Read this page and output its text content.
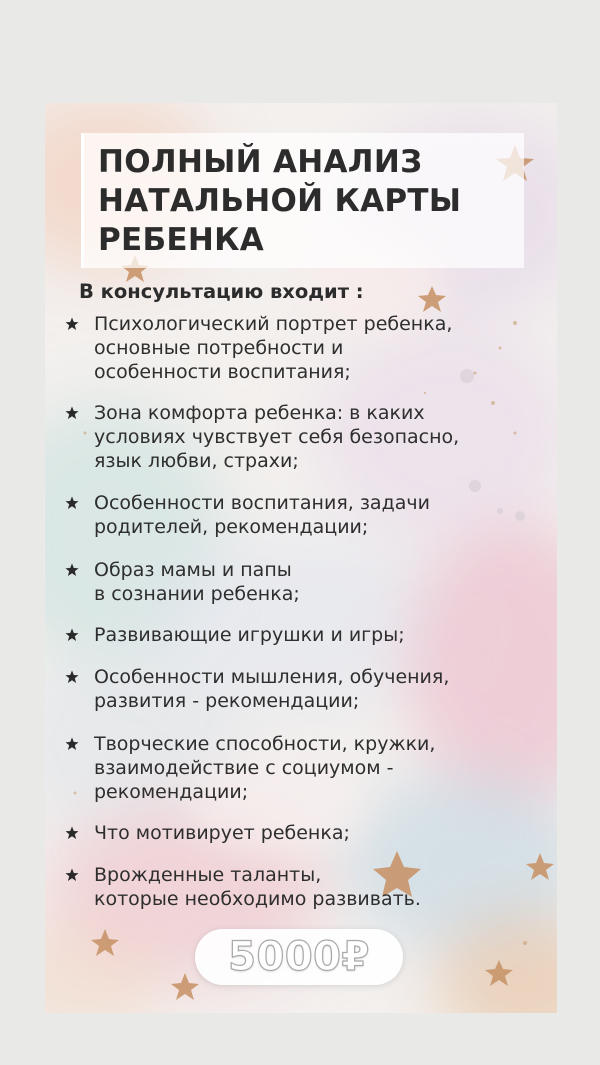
ПОЛНЫЙ АНАЛИЗ
НАТАЛЬНОЙ КАРТЫ
РЕБЕНКА

В консультацию входит :

Психологический портрет ребенка,
основные потребности и
особенности воспитания;
Зона комфорта ребенка: в каких
условиях чувствует себя безопасно,
язык любви, страхи;
Особенности воспитания, задачи
родителей, рекомендации;
Образ мамы и папы
в сознании ребенка;
Развивающие игрушки и игры;
Особенности мышления, обучения,
развития - рекомендации;
Творческие способности, кружки,
взаимодействие с социумом -
рекомендации;
Что мотивирует ребенка;
Врожденные таланты,
которые необходимо развивать.
5000₽
